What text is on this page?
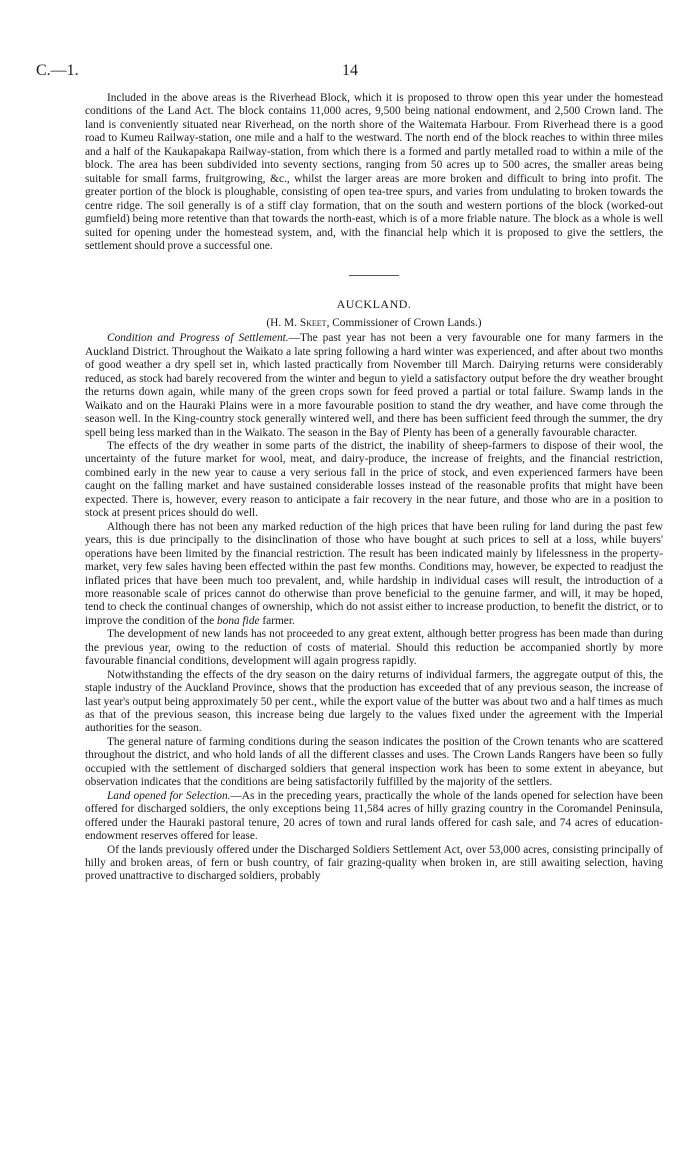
C.—1.	14

Included in the above areas is the Riverhead Block, which it is proposed to throw open this year under the homestead conditions of the Land Act. The block contains 11,000 acres, 9,500 being national endowment, and 2,500 Crown land. The land is conveniently situated near Riverhead, on the north shore of the Waitemata Harbour. From Riverhead there is a good road to Kumeu Railway-station, one mile and a half to the westward. The north end of the block reaches to within three miles and a half of the Kaukapakapa Railway-station, from which there is a formed and partly metalled road to within a mile of the block. The area has been subdivided into seventy sections, ranging from 50 acres up to 500 acres, the smaller areas being suitable for small farms, fruitgrowing, &c., whilst the larger areas are more broken and difficult to bring into profit. The greater portion of the block is ploughable, consisting of open tea-tree spurs, and varies from undulating to broken towards the centre ridge. The soil generally is of a stiff clay formation, that on the south and western portions of the block (worked-out gumfield) being more retentive than that towards the north-east, which is of a more friable nature. The block as a whole is well suited for opening under the homestead system, and, with the financial help which it is proposed to give the settlers, the settlement should prove a successful one.

AUCKLAND.
(H. M. Skeet, Commissioner of Crown Lands.)

Condition and Progress of Settlement.—The past year has not been a very favourable one for many farmers in the Auckland District. Throughout the Waikato a late spring following a hard winter was experienced, and after about two months of good weather a dry spell set in, which lasted practically from November till March. Dairying returns were considerably reduced, as stock had barely recovered from the winter and begun to yield a satisfactory output before the dry weather brought the returns down again, while many of the green crops sown for feed proved a partial or total failure. Swamp lands in the Waikato and on the Hauraki Plains were in a more favourable position to stand the dry weather, and have come through the season well. In the King-country stock generally wintered well, and there has been sufficient feed through the summer, the dry spell being less marked than in the Waikato. The season in the Bay of Plenty has been of a generally favourable character.

The effects of the dry weather in some parts of the district, the inability of sheep-farmers to dispose of their wool, the uncertainty of the future market for wool, meat, and dairy-produce, the increase of freights, and the financial restriction, combined early in the new year to cause a very serious fall in the price of stock, and even experienced farmers have been caught on the falling market and have sustained considerable losses instead of the reasonable profits that might have been expected. There is, however, every reason to anticipate a fair recovery in the near future, and those who are in a position to stock at present prices should do well.

Although there has not been any marked reduction of the high prices that have been ruling for land during the past few years, this is due principally to the disinclination of those who have bought at such prices to sell at a loss, while buyers' operations have been limited by the financial restriction. The result has been indicated mainly by lifelessness in the property-market, very few sales having been effected within the past few months. Conditions may, however, be expected to readjust the inflated prices that have been much too prevalent, and, while hardship in individual cases will result, the introduction of a more reasonable scale of prices cannot do otherwise than prove beneficial to the genuine farmer, and will, it may be hoped, tend to check the continual changes of ownership, which do not assist either to increase production, to benefit the district, or to improve the condition of the bona fide farmer.

The development of new lands has not proceeded to any great extent, although better progress has been made than during the previous year, owing to the reduction of costs of material. Should this reduction be accompanied shortly by more favourable financial conditions, development will again progress rapidly.

Notwithstanding the effects of the dry season on the dairy returns of individual farmers, the aggregate output of this, the staple industry of the Auckland Province, shows that the production has exceeded that of any previous season, the increase of last year's output being approximately 50 per cent., while the export value of the butter was about two and a half times as much as that of the previous season, this increase being due largely to the values fixed under the agreement with the Imperial authorities for the season.

The general nature of farming conditions during the season indicates the position of the Crown tenants who are scattered throughout the district, and who hold lands of all the different classes and uses. The Crown Lands Rangers have been so fully occupied with the settlement of discharged soldiers that general inspection work has been to some extent in abeyance, but observation indicates that the conditions are being satisfactorily fulfilled by the majority of the settlers.

Land opened for Selection.—As in the preceding years, practically the whole of the lands opened for selection have been offered for discharged soldiers, the only exceptions being 11,584 acres of hilly grazing country in the Coromandel Peninsula, offered under the Hauraki pastoral tenure, 20 acres of town and rural lands offered for cash sale, and 74 acres of education-endowment reserves offered for lease.

Of the lands previously offered under the Discharged Soldiers Settlement Act, over 53,000 acres, consisting principally of hilly and broken areas, of fern or bush country, of fair grazing-quality when broken in, are still awaiting selection, having proved unattractive to discharged soldiers, probably
